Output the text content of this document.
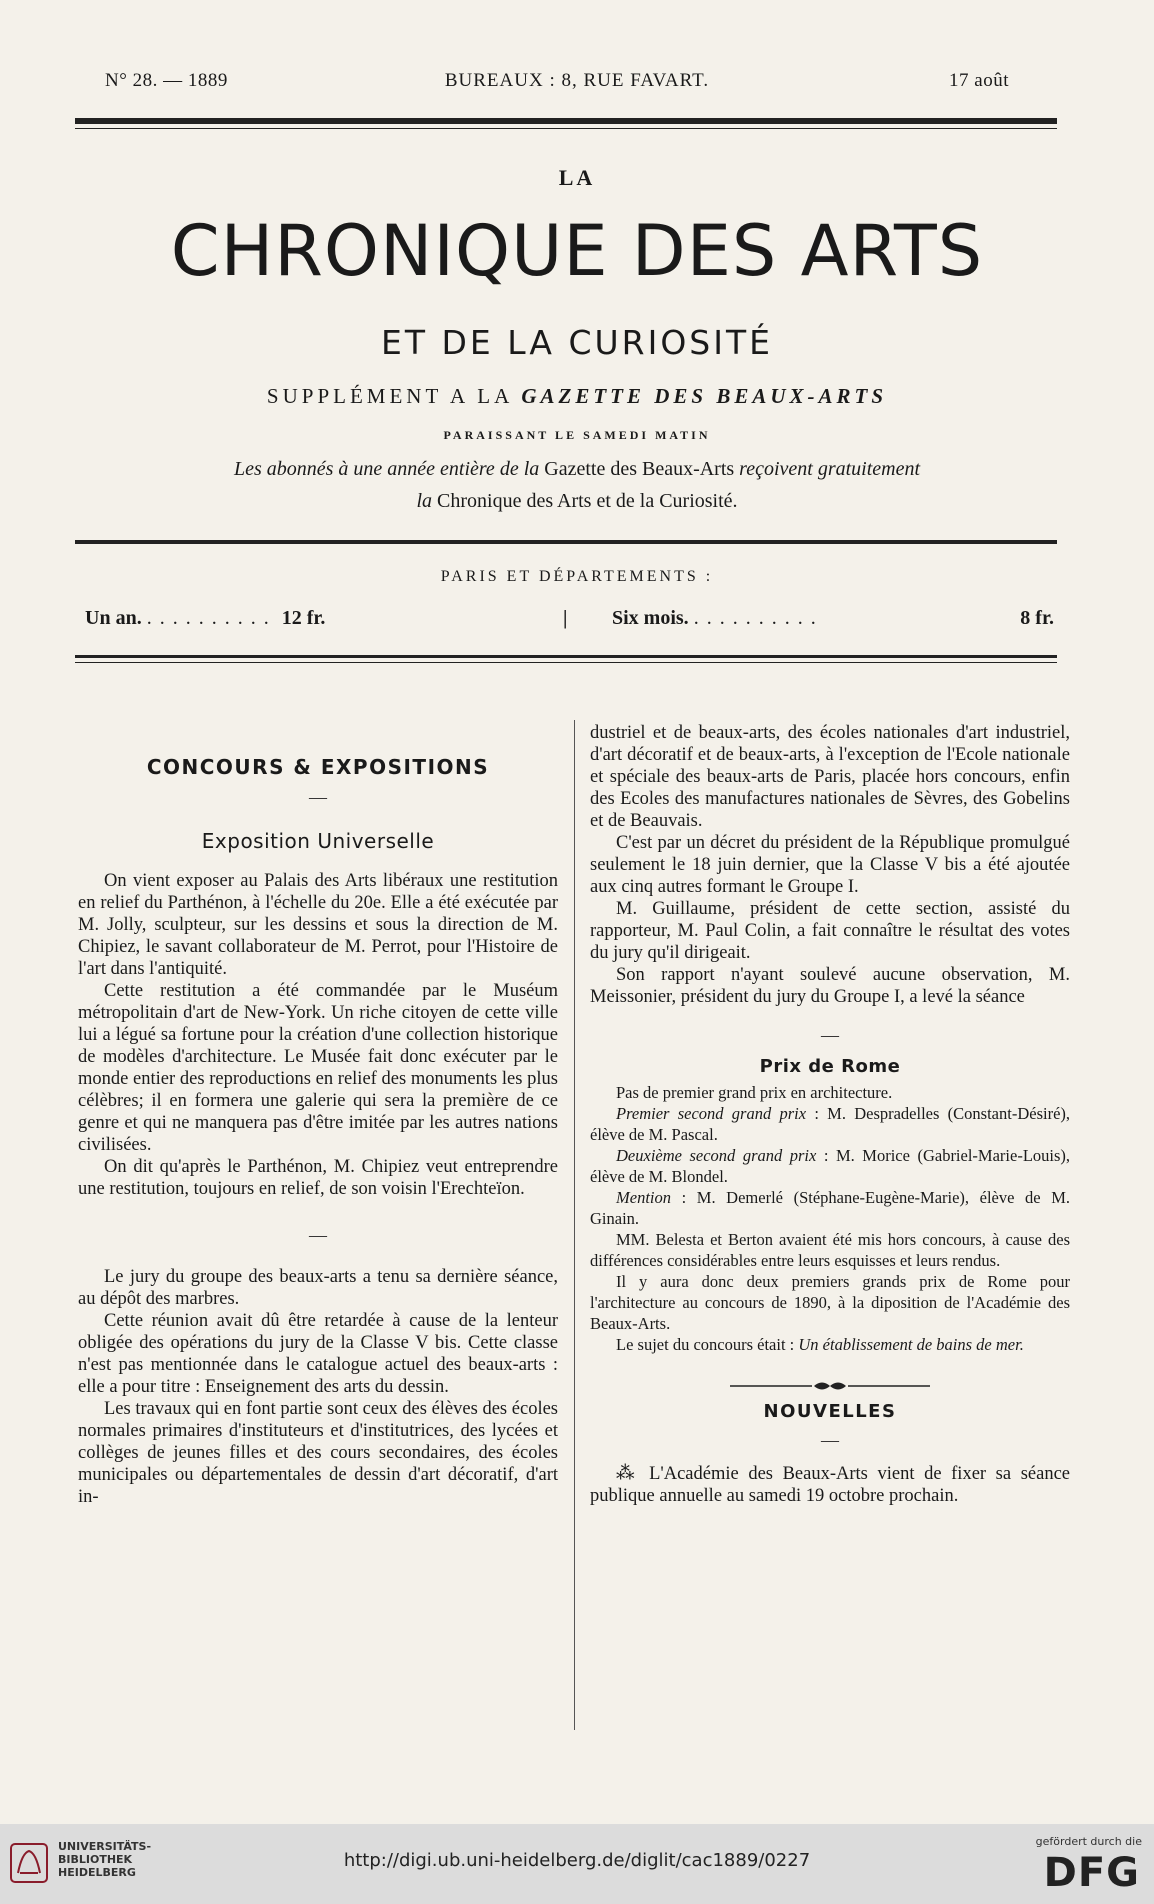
N° 28. — 1889	BUREAUX : 8, RUE FAVART.	17 août
LA
CHRONIQUE DES ARTS
ET DE LA CURIOSITÉ
SUPPLÉMENT A LA GAZETTE DES BEAUX-ARTS
PARAISSANT LE SAMEDI MATIN
Les abonnés à une année entière de la Gazette des Beaux-Arts reçoivent gratuitement
la Chronique des Arts et de la Curiosité.
PARIS ET DÉPARTEMENTS :
Un an. .......... 12 fr.	| Six mois. ..........	8 fr.
CONCOURS & EXPOSITIONS
—
Exposition Universelle

On vient exposer au Palais des Arts libéraux une restitution en relief du Parthénon, à l'échelle du 20e. Elle a été exécutée par M. Jolly, sculpteur, sur les dessins et sous la direction de M. Chipiez, le savant collaborateur de M. Perrot, pour l'Histoire de l'art dans l'antiquité.

Cette restitution a été commandée par le Muséum métropolitain d'art de New-York. Un riche citoyen de cette ville lui a légué sa fortune pour la création d'une collection historique de modèles d'architecture. Le Musée fait donc exécuter par le monde entier des reproductions en relief des monuments les plus célèbres; il en formera une galerie qui sera la première de ce genre et qui ne manquera pas d'être imitée par les autres nations civilisées.

On dit qu'après le Parthénon, M. Chipiez veut entreprendre une restitution, toujours en relief, de son voisin l'Erechteïon.

—

Le jury du groupe des beaux-arts a tenu sa dernière séance, au dépôt des marbres.

Cette réunion avait dû être retardée à cause de la lenteur obligée des opérations du jury de la Classe V bis. Cette classe n'est pas mentionnée dans le catalogue actuel des beaux-arts : elle a pour titre : Enseignement des arts du dessin.

Les travaux qui en font partie sont ceux des élèves des écoles normales primaires d'instituteurs et d'institutrices, des lycées et collèges de jeunes filles et des cours secondaires, des écoles municipales ou départementales de dessin d'art décoratif, d'art in-

dustriel et de beaux-arts, des écoles nationales d'art industriel, d'art décoratif et de beaux-arts, à l'exception de l'Ecole nationale et spéciale des beaux-arts de Paris, placée hors concours, enfin des Ecoles des manufactures nationales de Sèvres, des Gobelins et de Beauvais.

C'est par un décret du président de la République promulgué seulement le 18 juin dernier, que la Classe V bis a été ajoutée aux cinq autres formant le Groupe I.

M. Guillaume, président de cette section, assisté du rapporteur, M. Paul Colin, a fait connaître le résultat des votes du jury qu'il dirigeait.

Son rapport n'ayant soulevé aucune observation, M. Meissonier, président du jury du Groupe I, a levé la séance

—
Prix de Rome

Pas de premier grand prix en architecture.

Premier second grand prix : M. Despradelles (Constant-Désiré), élève de M. Pascal.

Deuxième second grand prix : M. Morice (Gabriel-Marie-Louis), élève de M. Blondel.

Mention : M. Demerlé (Stéphane-Eugène-Marie), élève de M. Ginain.

MM. Belesta et Berton avaient été mis hors concours, à cause des différences considérables entre leurs esquisses et leurs rendus.

Il y aura donc deux premiers grands prix de Rome pour l'architecture au concours de 1890, à la diposition de l'Académie des Beaux-Arts.

Le sujet du concours était : Un établissement de bains de mer.

NOUVELLES
—

⁂ L'Académie des Beaux-Arts vient de fixer sa séance publique annuelle au samedi 19 octobre prochain.

UNIVERSITÄTS-
BIBLIOTHEK
HEIDELBERG
http://digi.ub.uni-heidelberg.de/diglit/cac1889/0227
gefördert durch die
DFG
